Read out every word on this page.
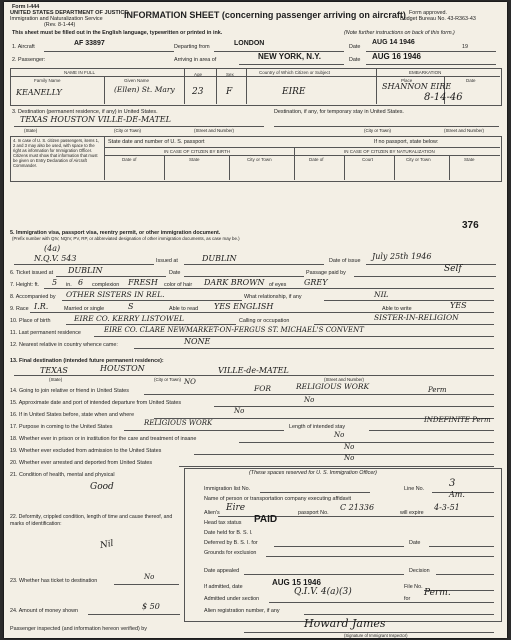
Form I-444
UNITED STATES DEPARTMENT OF JUSTICE
Immigration and Naturalization Service
(Rev. 8-1-44)
Form approved.
Budget Bureau No. 43-R363-43
INFORMATION SHEET (concerning passenger arriving on aircraft)
This sheet must be filled out in the English language, typewritten or printed in ink.	(Note further instructions on back of this form.)
1. Aircraft	AF 33897	Departing from	LONDON	Date
AUG 14 1946
19
2. Passenger:	Arriving in area of	NEW YORK, N.Y.	Date AUG 16 1946
NAME IN FULL
Family Name	Given Name
Age	Sex	Country of Which Citizen or Subject	EMBARKATION
Place	Date
KEANELLY	(Ellen) St. Mary 23	F	EIRE
SHANNON EIRE
8-14-46
3. Destination (permanent residence, if any) in United States.	Destination, if any, for temporary stay in United States.
TEXAS HOUSTON VILLE-DE-MATEL
(State)	(City or Town)	(Street and Number)	(City or Town)	(Street and Number)
4. In case of U. S. citizen passengers, items 1, 2 and 3 may also be used, with space to the right as information for Immigration Officer. Citizens must show that information that must be given on Entry Declaration of Aircraft Commander.
State date and number of U. S. passport	If no passport, state below:
IN CASE OF CITIZEN BY BIRTH	IN CASE OF CITIZEN BY NATURALIZATION
Date of	State	City or Town	Date of	Court	City or Town	State
5. Immigration visa, passport visa, reentry permit, or other immigration document.
(Prefix number with QIV, NQIV, PV, RP, or abbreviated designation of other immigration documents, as case may be.)
376
(4a)
N.Q.V. 543	Issued at	DUBLIN	Date of issue July 25th 1946
6. Ticket issued at DUBLIN	Date	Passage paid by	Self
7. Height: ft. 5 in. 6 complexion FRESH color of hair DARK BROWN of eyes GREY
8. Accompanied by OTHER SISTERS IN REL.	What relationship, if any	NIL
9. Race I.R.	Married or single	S	Able to read YES ENGLISH	Able to write	YES
10. Place of birth	EIRE CO. KERRY LISTOWEL	Calling or occupation	SISTER-IN-RELIGION
11. Last permanent residence	EIRE CO. CLARE NEWMARKET-ON-FERGUS ST. MICHAEL'S CONVENT
12. Nearest relative in country whence came:	NONE
13. Final destination (intended future permanent residence):
TEXAS	HOUSTON	VILLE-de-MATEL
(State)	(City or Town)	(Street and Number)
14. Going to join relative or friend in United States
NO
FOR	RELIGIOUS WORK	Perm
15. Approximate date and port of intended departure from United States	No
16. If in United States before, state when and where	No
17. Purpose in coming to the United States	RELIGIOUS WORK	Length of intended stay
INDEFINITE Perm
18. Whether ever in prison or in institution for the care and treatment of insane	No
19. Whether ever excluded from admission to the United States	No
20. Whether ever arrested and deported from United States
No
21. Condition of health, mental and physical
Good
(These spaces reserved for U. S. Immigration Officer)
Immigration list No.	Line No. 3
Name of person or transportation company executing affidavit	Am.
Alien's Eire	passport No.
C 21336
will expire
4-3-51
Head tax status PAID
Date held for B. S. I.
Deferred by B. S. I. for	Date
Grounds for exclusion
Date appealed	Decision
If admitted, date	AUG 15 1946	File No.
Admitted under section
Q.I.V. 4(a)(3)
for
Perm.
Alien registration number, if any
22. Deformity, crippled condition, length of time and cause thereof, and marks of identification:
Nil
23. Whether has ticket to destination	No
24. Amount of money shown	$ 50
Passenger inspected (and information hereon verified) by	Howard James
(Signature of Immigrant Inspector)
